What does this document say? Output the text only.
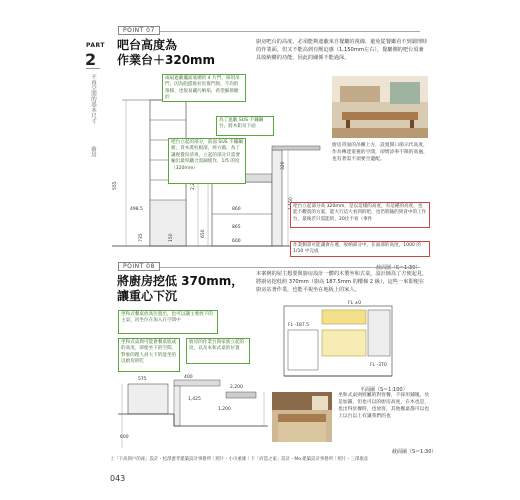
PART
2
不再空間的基本尺寸
廚房
POINT 07
吧台高度為
作業台＋320mm
廚房吧台的高度，必須能夠遮蔽來自餐廳的視線，避免從餐廳看不到調理時的作業面，但又不能高到有壓迫感（1,150mm左右），餐廳側的吧台須兼具收納櫃的功能，因此的關係不能過深。
555
498.5
150
735	650
320
860
865
600
兩扇遮蔽爐面底總的 4 片門，採用吊門，因為阻擋推拉於推門與，不均的推移，也很易藏污納垢，希望細節順於
為了遮蔽 SUS 不鏽鋼台，將木鋁及下面
吧台立起的部分，前面 SUS 不鏽鋼板，背木裝柱板深，經方做，為了讓視覺向清爽，立起的部分只需要輸出最厚鐵合需細使作，1/5 的度（320mm）
吧台立起部分高 320mm，是以這樣的高度，有這種的高度，也能不觀賞的方案，能大行這大看到的吧，也仍將隨的到背中的工作台，最後若只需能的，20比不看（事件
作業側書可能讓會在遞，收納部分中，在面部的高度，1000 的 1/10 中完成
廚房背面的吊櫃上方，設置開口節示代高度，作為傳達電視的空間，卻增添事不限的高處，也有著需不須要空邊配。
截面圖（S＝1:30）
POINT 08
將廚房挖低 370mm，
讓重心下沉
本案例的屋主想要與廚房設計一體的木製坐和式桌，設計師為了方便起見，將廚房挖低約 370mm（廚高 187.5mm 的樓梯 2 級），這些一來即便在廚房站著作業，也能平視坐在地板上的家人。
坐和式餐桌放高位置出，也可以讓主要放下的主桌，因坐位在加入在空間中
坐和式桌與可能會餐桌底成的高度，即使坐下的空間，對象的理人員大下的能坐的以廚房的吃
廚房的作業台與家族立起的度，以及本和式桌的位置
600
575	400
1,425
1,200
2,200
FL ±0
FL -370
FL -187.5
平面圖（S＝1:100）
坐和式桌則經屬的對客餐，不採用鋪塊，於是加鋪，但也可以的廚房高度，在木也是，也出得於餐時，也放客，其他餐桌都可以也上以台以上有讓我們的也
截面圖（S＝1:30）
上「下高與戶的座」設計・松澤憲孝建築設計事務所｜照片・小川重雄｜下「府造之家」設計・Mo 建築設計事務所｜照片・三澤康彦
043
